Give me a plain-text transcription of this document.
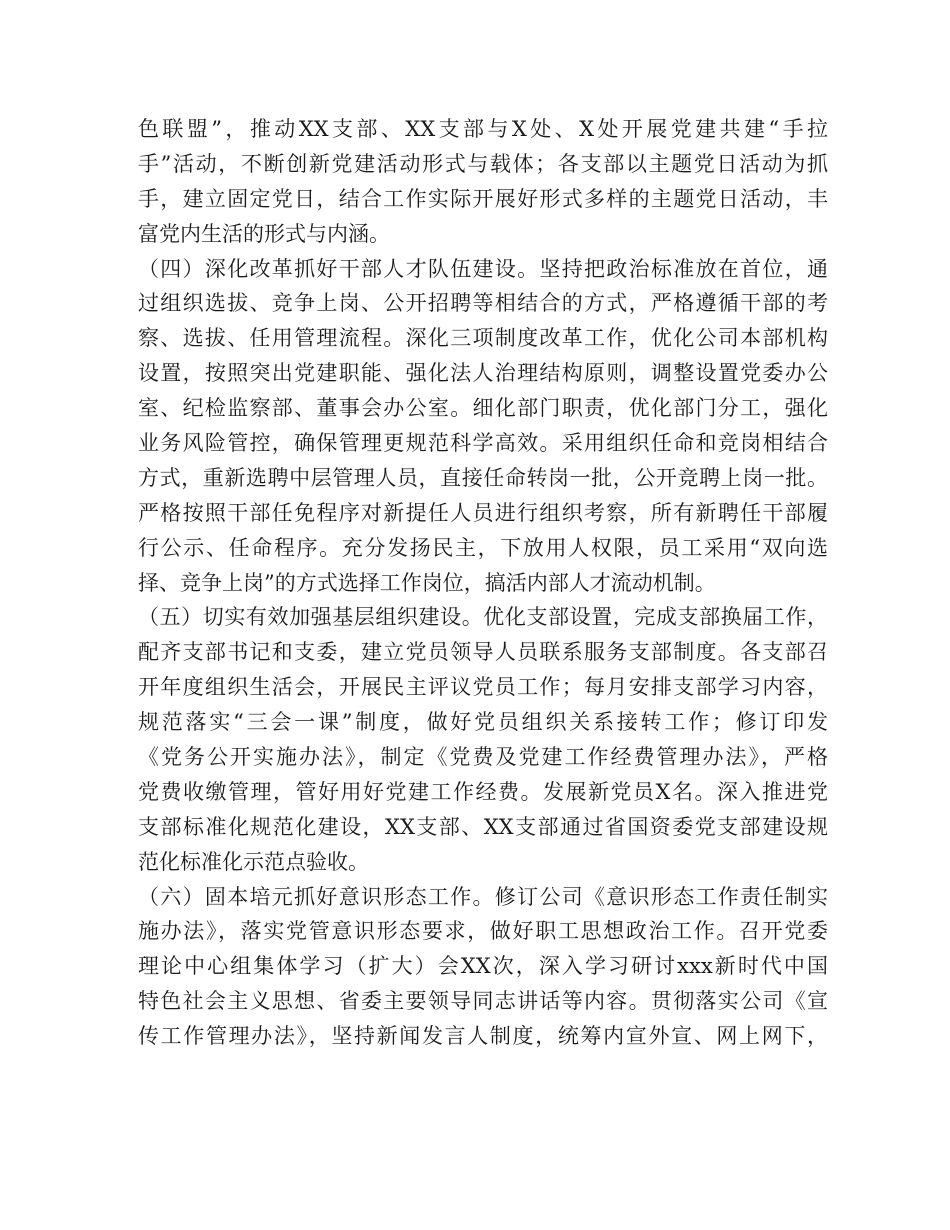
色联盟”，推动XX支部、XX支部与X处、X处开展党建共建“手拉
手”活动，不断创新党建活动形式与载体；各支部以主题党日活动为抓
手，建立固定党日，结合工作实际开展好形式多样的主题党日活动，丰
富党内生活的形式与内涵。
（四）深化改革抓好干部人才队伍建设。坚持把政治标准放在首位，通
过组织选拔、竞争上岗、公开招聘等相结合的方式，严格遵循干部的考
察、选拔、任用管理流程。深化三项制度改革工作，优化公司本部机构
设置，按照突出党建职能、强化法人治理结构原则，调整设置党委办公
室、纪检监察部、董事会办公室。细化部门职责，优化部门分工，强化
业务风险管控，确保管理更规范科学高效。采用组织任命和竞岗相结合
方式，重新选聘中层管理人员，直接任命转岗一批，公开竞聘上岗一批。
严格按照干部任免程序对新提任人员进行组织考察，所有新聘任干部履
行公示、任命程序。充分发扬民主，下放用人权限，员工采用“双向选
择、竞争上岗”的方式选择工作岗位，搞活内部人才流动机制。
（五）切实有效加强基层组织建设。优化支部设置，完成支部换届工作，
配齐支部书记和支委，建立党员领导人员联系服务支部制度。各支部召
开年度组织生活会，开展民主评议党员工作；每月安排支部学习内容，
规范落实“三会一课”制度，做好党员组织关系接转工作；修订印发
《党务公开实施办法》，制定《党费及党建工作经费管理办法》，严格
党费收缴管理，管好用好党建工作经费。发展新党员X名。深入推进党
支部标准化规范化建设，XX支部、XX支部通过省国资委党支部建设规
范化标准化示范点验收。
（六）固本培元抓好意识形态工作。修订公司《意识形态工作责任制实
施办法》，落实党管意识形态要求，做好职工思想政治工作。召开党委
理论中心组集体学习（扩大）会XX次，深入学习研讨xxx新时代中国
特色社会主义思想、省委主要领导同志讲话等内容。贯彻落实公司《宣
传工作管理办法》，坚持新闻发言人制度，统筹内宣外宣、网上网下，
